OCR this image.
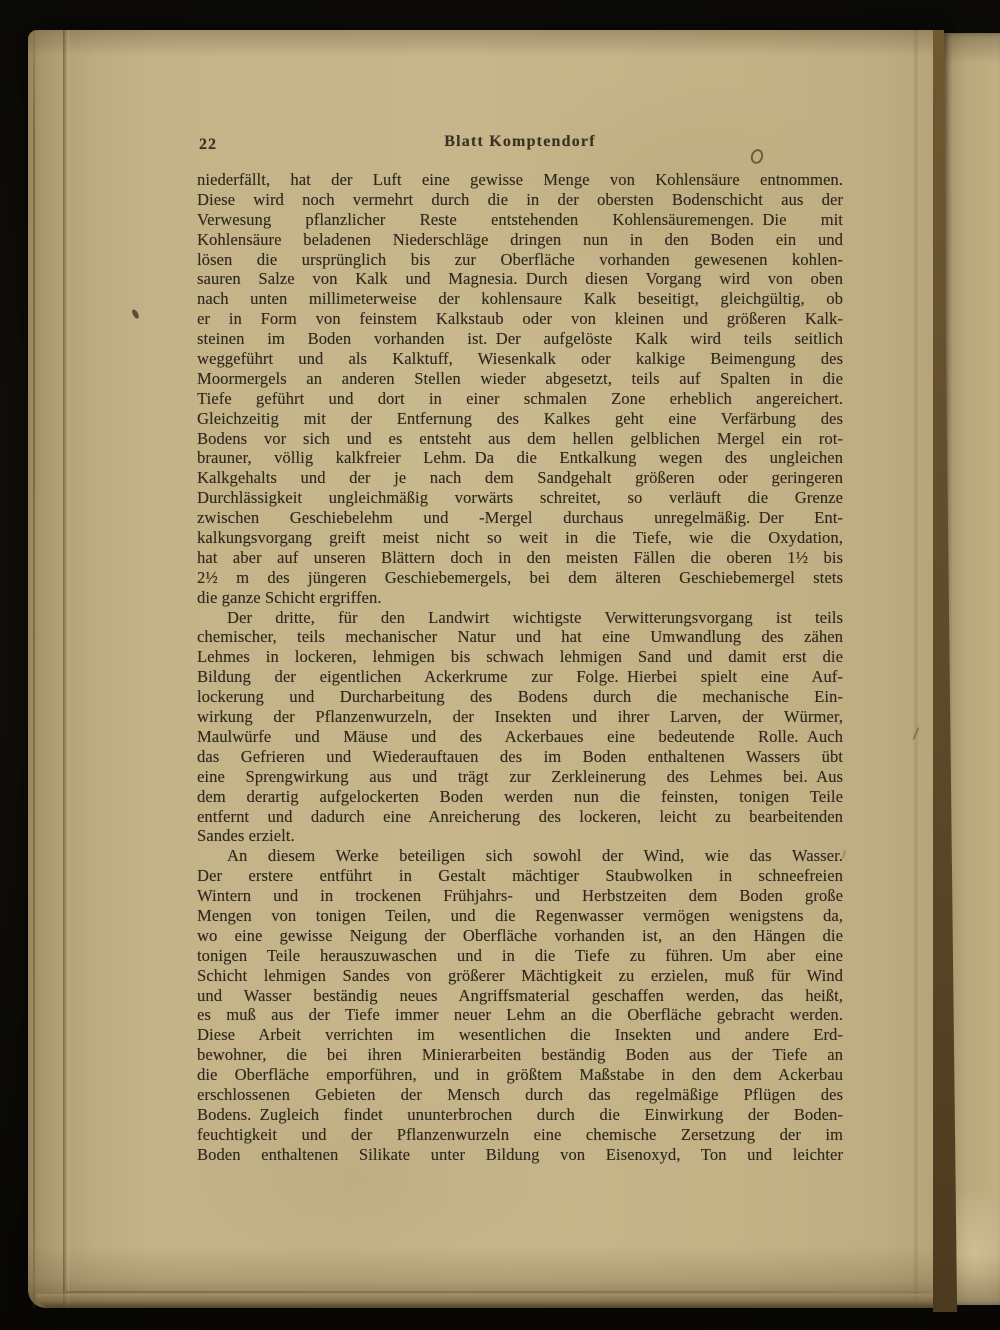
22	Blatt Komptendorf
niederfällt, hat der Luft eine gewisse Menge von Kohlensäure entnommen.
Diese wird noch vermehrt durch die in der obersten Bodenschicht aus der
Verwesung pflanzlicher Reste entstehenden Kohlensäuremengen. Die mit
Kohlensäure beladenen Niederschläge dringen nun in den Boden ein und
lösen die ursprünglich bis zur Oberfläche vorhanden gewesenen kohlen-
sauren Salze von Kalk und Magnesia. Durch diesen Vorgang wird von oben
nach unten millimeterweise der kohlensaure Kalk beseitigt, gleichgültig, ob
er in Form von feinstem Kalkstaub oder von kleinen und größeren Kalk-
steinen im Boden vorhanden ist. Der aufgelöste Kalk wird teils seitlich
weggeführt und als Kalktuff, Wiesenkalk oder kalkige Beimengung des
Moormergels an anderen Stellen wieder abgesetzt, teils auf Spalten in die
Tiefe geführt und dort in einer schmalen Zone erheblich angereichert.
Gleichzeitig mit der Entfernung des Kalkes geht eine Verfärbung des
Bodens vor sich und es entsteht aus dem hellen gelblichen Mergel ein rot-
brauner, völlig kalkfreier Lehm. Da die Entkalkung wegen des ungleichen
Kalkgehalts und der je nach dem Sandgehalt größeren oder geringeren
Durchlässigkeit ungleichmäßig vorwärts schreitet, so verläuft die Grenze
zwischen Geschiebelehm und -Mergel durchaus unregelmäßig. Der Ent-
kalkungsvorgang greift meist nicht so weit in die Tiefe, wie die Oxydation,
hat aber auf unseren Blättern doch in den meisten Fällen die oberen 1½ bis
2½ m des jüngeren Geschiebemergels, bei dem älteren Geschiebemergel stets
die ganze Schicht ergriffen.
Der dritte, für den Landwirt wichtigste Verwitterungsvorgang ist teils
chemischer, teils mechanischer Natur und hat eine Umwandlung des zähen
Lehmes in lockeren, lehmigen bis schwach lehmigen Sand und damit erst die
Bildung der eigentlichen Ackerkrume zur Folge. Hierbei spielt eine Auf-
lockerung und Durcharbeitung des Bodens durch die mechanische Ein-
wirkung der Pflanzenwurzeln, der Insekten und ihrer Larven, der Würmer,
Maulwürfe und Mäuse und des Ackerbaues eine bedeutende Rolle. Auch
das Gefrieren und Wiederauftauen des im Boden enthaltenen Wassers übt
eine Sprengwirkung aus und trägt zur Zerkleinerung des Lehmes bei. Aus
dem derartig aufgelockerten Boden werden nun die feinsten, tonigen Teile
entfernt und dadurch eine Anreicherung des lockeren, leicht zu bearbeitenden
Sandes erzielt.
An diesem Werke beteiligen sich sowohl der Wind, wie das Wasser.
Der erstere entführt in Gestalt mächtiger Staubwolken in schneefreien
Wintern und in trockenen Frühjahrs- und Herbstzeiten dem Boden große
Mengen von tonigen Teilen, und die Regenwasser vermögen wenigstens da,
wo eine gewisse Neigung der Oberfläche vorhanden ist, an den Hängen die
tonigen Teile herauszuwaschen und in die Tiefe zu führen. Um aber eine
Schicht lehmigen Sandes von größerer Mächtigkeit zu erzielen, muß für Wind
und Wasser beständig neues Angriffsmaterial geschaffen werden, das heißt,
es muß aus der Tiefe immer neuer Lehm an die Oberfläche gebracht werden.
Diese Arbeit verrichten im wesentlichen die Insekten und andere Erd-
bewohner, die bei ihren Minierarbeiten beständig Boden aus der Tiefe an
die Oberfläche emporführen, und in größtem Maßstabe in den dem Ackerbau
erschlossenen Gebieten der Mensch durch das regelmäßige Pflügen des
Bodens. Zugleich findet ununterbrochen durch die Einwirkung der Boden-
feuchtigkeit und der Pflanzenwurzeln eine chemische Zersetzung der im
Boden enthaltenen Silikate unter Bildung von Eisenoxyd, Ton und leichter
